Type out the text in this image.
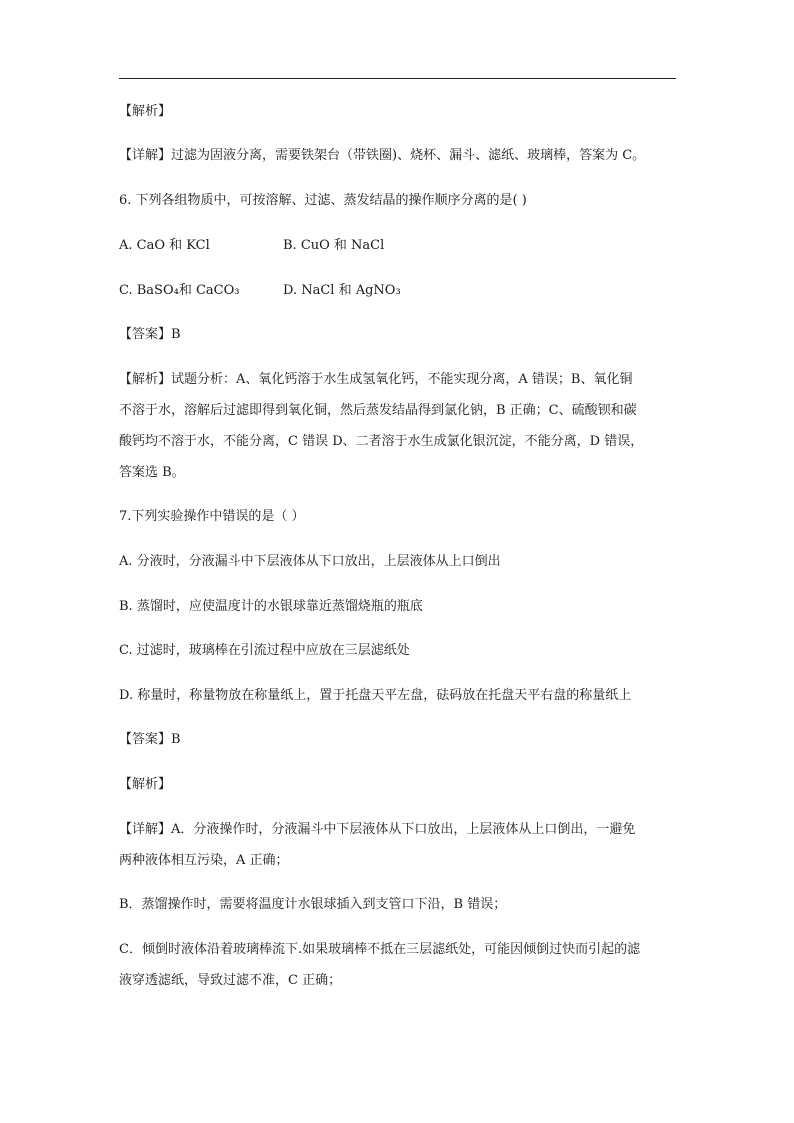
【解析】
【详解】过滤为固液分离，需要铁架台（带铁圈)、烧杯、漏斗、滤纸、玻璃棒，答案为 C。
6. 下列各组物质中，可按溶解、过滤、蒸发结晶的操作顺序分离的是( )
A. CaO 和 KCl	B. CuO 和 NaCl
C. BaSO₄和 CaCO₃	D. NaCl 和 AgNO₃
【答案】B
【解析】试题分析：A、氧化钙溶于水生成氢氧化钙，不能实现分离，A 错误；B、氧化铜
不溶于水，溶解后过滤即得到氧化铜，然后蒸发结晶得到氯化钠，B 正确；C、硫酸钡和碳
酸钙均不溶于水，不能分离，C 错误 D、二者溶于水生成氯化银沉淀，不能分离，D 错误，
答案选 B。
7.下列实验操作中错误的是（ ）
A. 分液时，分液漏斗中下层液体从下口放出，上层液体从上口倒出
B. 蒸馏时，应使温度计的水银球靠近蒸馏烧瓶的瓶底
C. 过滤时，玻璃棒在引流过程中应放在三层滤纸处
D. 称量时，称量物放在称量纸上，置于托盘天平左盘，砝码放在托盘天平右盘的称量纸上
【答案】B
【解析】
【详解】A．分液操作时，分液漏斗中下层液体从下口放出，上层液体从上口倒出，一避免
两种液体相互污染，A 正确；
B．蒸馏操作时，需要将温度计水银球插入到支管口下沿，B 错误；
C．倾倒时液体沿着玻璃棒流下.如果玻璃棒不抵在三层滤纸处，可能因倾倒过快而引起的滤
液穿透滤纸，导致过滤不准，C 正确；
